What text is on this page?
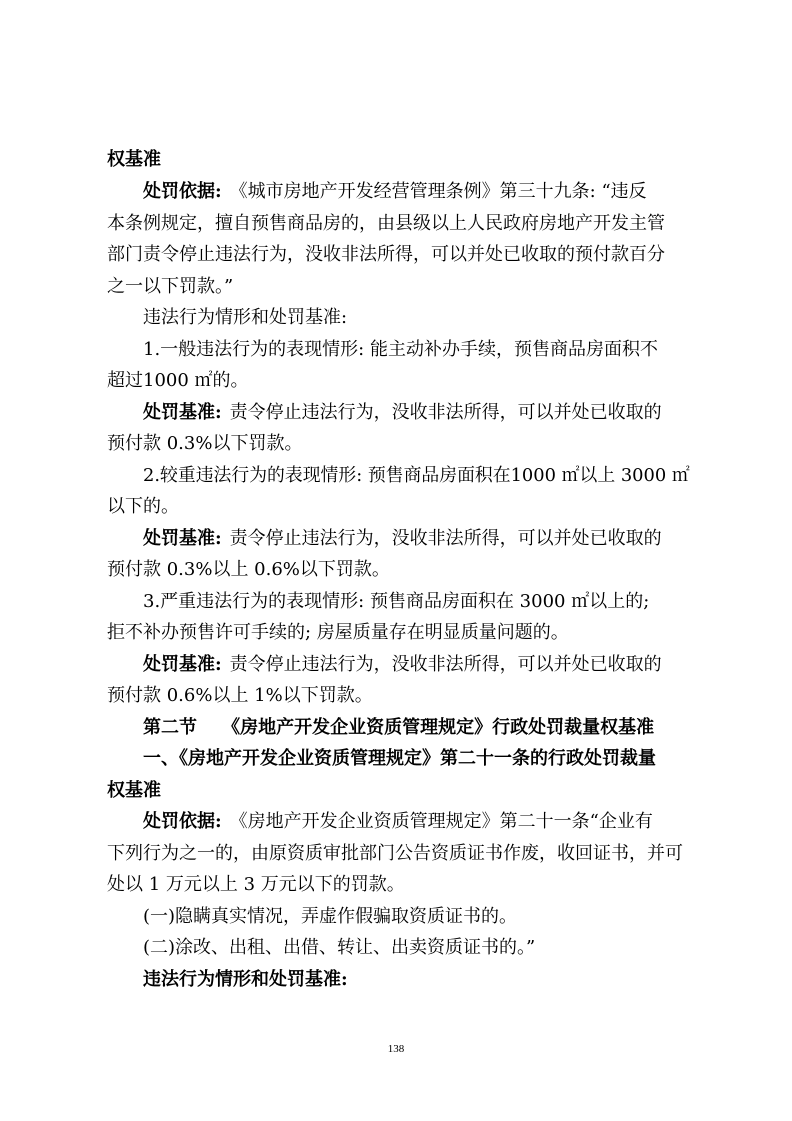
权基准
处罚依据: 《城市房地产开发经营管理条例》第三十九条: “违反
本条例规定，擅自预售商品房的，由县级以上人民政府房地产开发主管
部门责令停止违法行为，没收非法所得，可以并处已收取的预付款百分
之一以下罚款。”
违法行为情形和处罚基准:
1.一般违法行为的表现情形: 能主动补办手续，预售商品房面积不
超过1000 ㎡的。
处罚基准: 责令停止违法行为，没收非法所得，可以并处已收取的
预付款 0.3%以下罚款。
2.较重违法行为的表现情形: 预售商品房面积在1000 ㎡以上 3000 ㎡
以下的。
处罚基准: 责令停止违法行为，没收非法所得，可以并处已收取的
预付款 0.3%以上 0.6%以下罚款。
3.严重违法行为的表现情形: 预售商品房面积在 3000 ㎡以上的;
拒不补办预售许可手续的; 房屋质量存在明显质量问题的。
处罚基准: 责令停止违法行为，没收非法所得，可以并处已收取的
预付款 0.6%以上 1%以下罚款。
第二节    《房地产开发企业资质管理规定》行政处罚裁量权基准
一、《房地产开发企业资质管理规定》第二十一条的行政处罚裁量
权基准
处罚依据: 《房地产开发企业资质管理规定》第二十一条“企业有
下列行为之一的，由原资质审批部门公告资质证书作废，收回证书，并可
处以 1 万元以上 3 万元以下的罚款。
(一)隐瞒真实情况，弄虚作假骗取资质证书的。
(二)涂改、出租、出借、转让、出卖资质证书的。”
违法行为情形和处罚基准:
138
